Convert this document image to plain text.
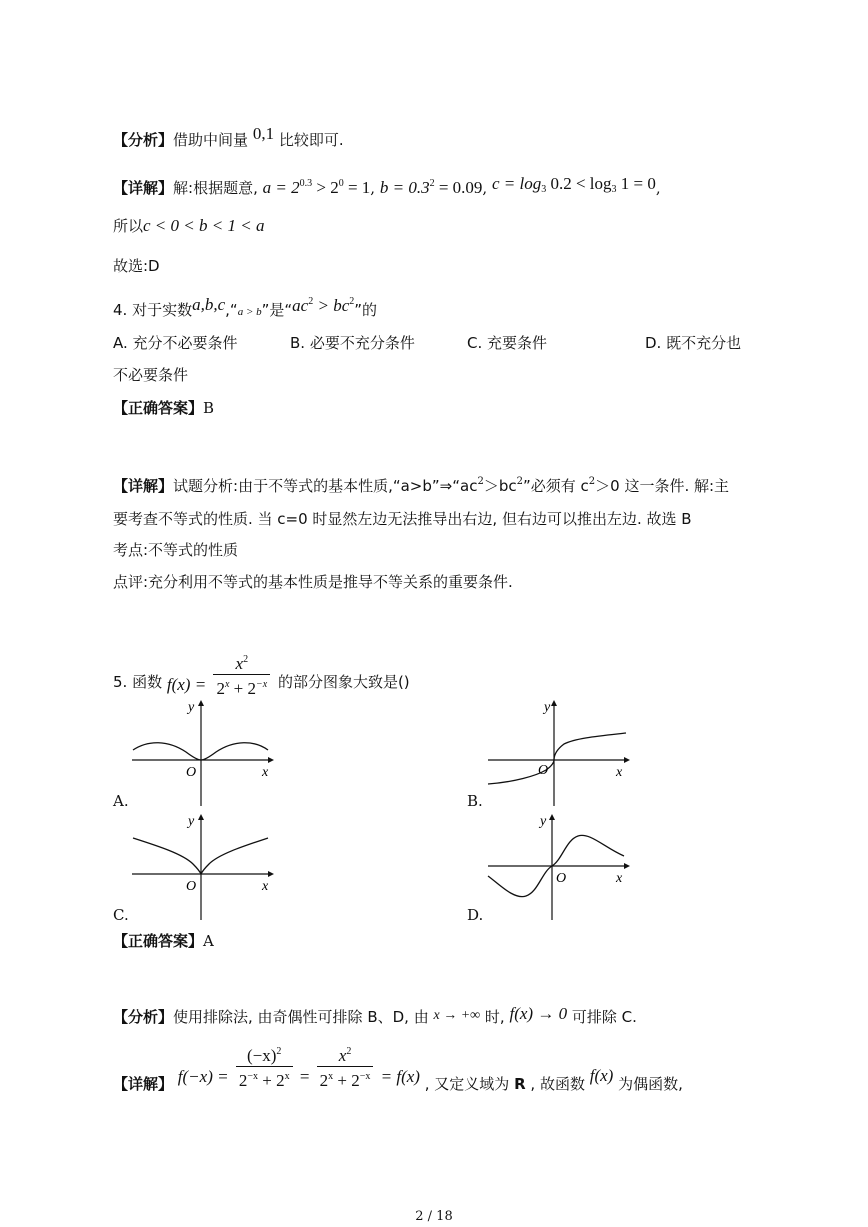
【分析】借助中间量 0,1 比较即可.
【详解】解:根据题意, $a = 2^{0.3} > 2^0 = 1$, $b = 0.3^2 = 0.09$, $c = \log_3 0.2 < \log_3 1 = 0$,
所以c < 0 < b < 1 < a
故选:D
4. 对于实数a,b,c,“a > b”是“$ac^2 > bc^2$”的
A. 充分不必要条件	B. 必要不充分条件	C. 充要条件	D. 既不充分也
不必要条件
【正确答案】B
【详解】试题分析:由于不等式的基本性质$,“a>b”\Rightarrow“ac^2>bc^2$”必须有 $c^2>0$ 这一条件. 解:主
要考查不等式的性质. 当 c=0 时显然左边无法推导出右边, 但右边可以推出左边. 故选 B
考点:不等式的性质
点评:充分利用不等式的基本性质是推导不等关系的重要条件.
5. 函数 $f(x) = \frac{x^2}{2^x + 2^{-x}}$ 的部分图象大致是()
y
x
O
A.
y
x
O
B.
y
x
O
C.
y
x
O
D.
【正确答案】A
【分析】使用排除法, 由奇偶性可排除 B、D, 由 x → +∞ 时, f(x) → 0 可排除 C.
【详解】 $f(-x) = \frac{(-x)^2}{2^{-x} + 2^x} = \frac{x^2}{2^x + 2^{-x}} = f(x)$ , 又定义域为 R , 故函数 f(x) 为偶函数,
2 / 18
